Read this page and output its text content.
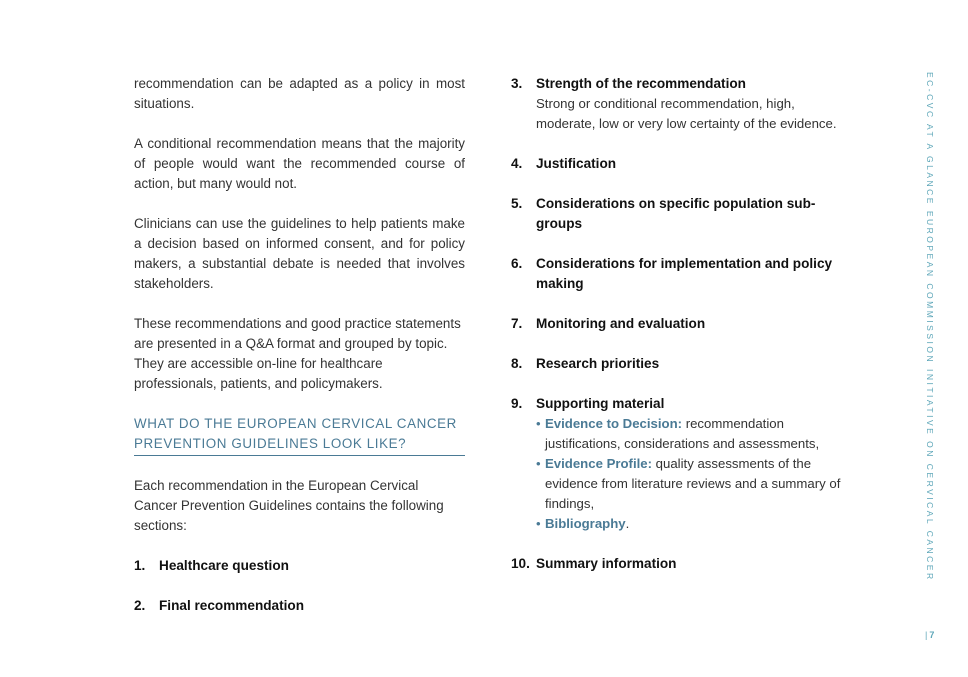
recommendation can be adapted as a policy in most situations.

A conditional recommendation means that the majority of people would want the recommended course of action, but many would not.

Clinicians can use the guidelines to help patients make a decision based on informed consent, and for policy makers, a substantial debate is needed that involves stakeholders.

These recommendations and good practice statements are presented in a Q&A format and grouped by topic. They are accessible on-line for healthcare professionals, patients, and policymakers.

WHAT DO THE EUROPEAN CERVICAL CANCER PREVENTION GUIDELINES LOOK LIKE?

Each recommendation in the European Cervical Cancer Prevention Guidelines contains the following sections:

1.	Healthcare question
2.	Final recommendation
3.	Strength of the recommendation
Strong or conditional recommendation, high, moderate, low or very low certainty of the evidence.
4.	Justification
5.	Considerations on specific population sub-groups
6.	Considerations for implementation and policy making
7.	Monitoring and evaluation
8.	Research priorities
9.	Supporting material
• Evidence to Decision: recommendation justifications, considerations and assessments,
• Evidence Profile: quality assessments of the evidence from literature reviews and a summary of findings,
• Bibliography.
10. Summary information	EC-CVC AT A GLANCE EUROPEAN COMMISSION INITIATIVE ON CERVICAL CANCER
| 7
